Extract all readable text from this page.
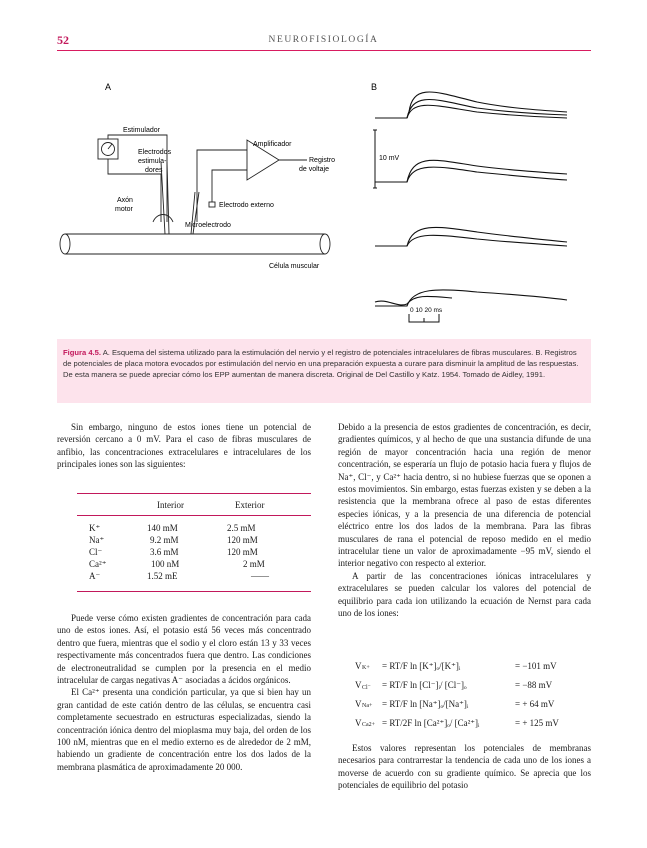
52	NEUROFISIOLOGÍA
A
Estimulador
Electrodos
estimula-
dores
Amplificador
Registro
de voltaje
Electrodo externo
Axón
motor
Microelectrodo
Célula muscular
B
10 mV
0 10 20 ms
Figura 4.5. A. Esquema del sistema utilizado para la estimulación del nervio y el registro de potenciales intracelulares de fibras musculares. B. Registros de potenciales de placa motora evocados por estimulación del nervio en una preparación expuesta a curare para disminuir la amplitud de las respuestas. De esta manera se puede apreciar cómo los EPP aumentan de manera discreta. Original de Del Castillo y Katz. 1954. Tomado de Aidley, 1991.

Sin embargo, ninguno de estos iones tiene un potencial de reversión cercano a 0 mV. Para el caso de fibras musculares de anfibio, las concentraciones extracelulares e intracelulares de los principales iones son las siguientes:

Interior	Exterior
K⁺	140 mM	2.5 mM
Na⁺	9.2 mM	120 mM
Cl⁻	3.6 mM	120 mM
Ca²⁺	100 nM	2 mM
A⁻	1.52 mE	——

Puede verse cómo existen gradientes de concentración para cada uno de estos iones. Así, el potasio está 56 veces más concentrado dentro que fuera, mientras que el sodio y el cloro están 13 y 33 veces respectivamente más concentrados fuera que dentro. Las condiciones de electroneutralidad se cumplen por la presencia en el medio intracelular de cargas negativas A⁻ asociadas a ácidos orgánicos.

El Ca²⁺ presenta una condición particular, ya que si bien hay un gran cantidad de este catión dentro de las células, se encuentra casi completamente secuestrado en estructuras especializadas, siendo la concentración iónica dentro del mioplasma muy baja, del orden de los 100 nM, mientras que en el medio externo es de alrededor de 2 mM, habiendo un gradiente de concentración entre los dos lados de la membrana plasmática de aproximadamente 20 000.

Debido a la presencia de estos gradientes de concentración, es decir, gradientes químicos, y al hecho de que una sustancia difunde de una región de mayor concentración hacia una región de menor concentración, se esperaría un flujo de potasio hacia fuera y flujos de Na⁺, Cl⁻, y Ca²⁺ hacia dentro, si no hubiese fuerzas que se oponen a estos movimientos. Sin embargo, estas fuerzas existen y se deben a la resistencia que la membrana ofrece al paso de estas diferentes especies iónicas, y a la presencia de una diferencia de potencial eléctrico entre los dos lados de la membrana. Para las fibras musculares de rana el potencial de reposo medido en el medio intracelular tiene un valor de aproximadamente −95 mV, siendo el interior negativo con respecto al exterior.

A partir de las concentraciones iónicas intracelulares y extracelulares se pueden calcular los valores del potencial de equilibrio para cada ion utilizando la ecuación de Nernst para cada uno de los iones:

V K+ = RT/F ln [K⁺]ₒ/[K⁺]ᵢ	= −101 mV
V Cl⁻ = RT/F ln [Cl⁻]ᵢ/ [Cl⁻]ₒ	= −88 mV
V Na+ = RT/F ln [Na⁺]ₒ/[Na⁺]ᵢ	= + 64 mV
V Ca2+ = RT/2F ln [Ca²⁺]ₒ/ [Ca²⁺]ᵢ	= + 125 mV

Estos valores representan los potenciales de membranas necesarios para contrarrestar la tendencia de cada uno de los iones a moverse de acuerdo con su gradiente químico. Se aprecia que los potenciales de equilibrio del potasio
